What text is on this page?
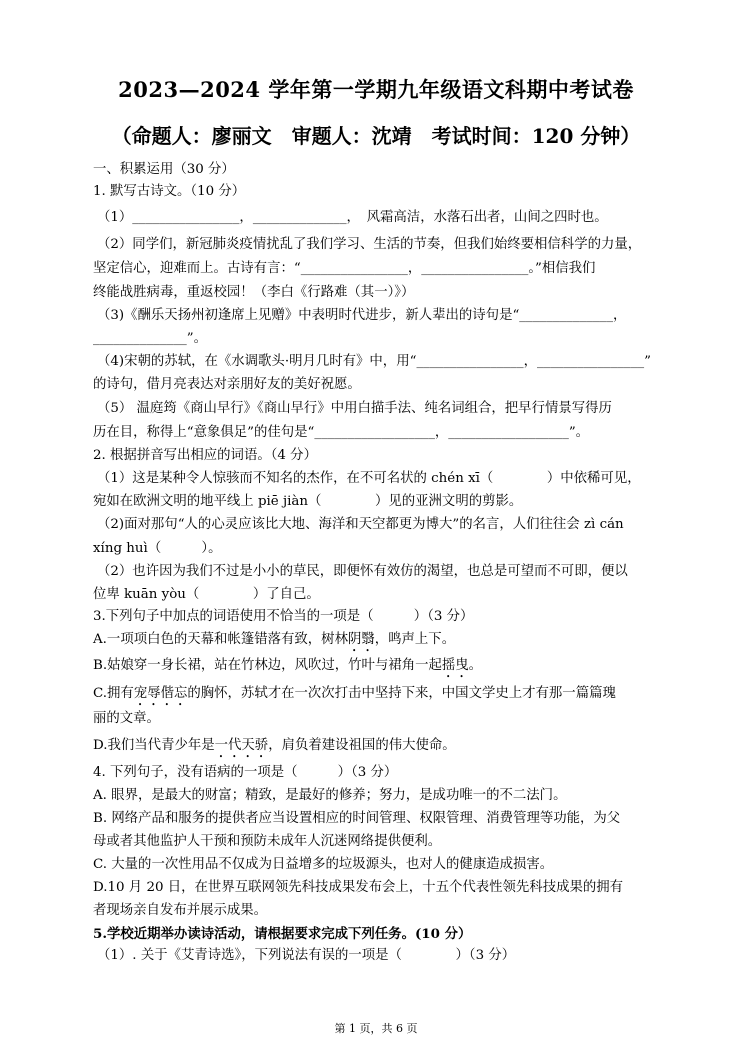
2023—2024 学年第一学期九年级语文科期中考试卷
（命题人：廖丽文　审题人：沈靖　考试时间：120 分钟）
一、积累运用（30 分）
1. 默写古诗文。（10 分）
（1）________________，______________，　风霜高洁，水落石出者，山间之四时也。
（2）同学们，新冠肺炎疫情扰乱了我们学习、生活的节奏，但我们始终要相信科学的力量，
坚定信心，迎难而上。古诗有言：“________________，________________。”相信我们
终能战胜病毒，重返校园！（李白《行路难（其一）》）
（3)《酬乐天扬州初逢席上见赠》中表明时代进步，新人辈出的诗句是“______________，
______________”。
（4)宋朝的苏轼，在《水调歌头·明月几时有》中，用“________________，________________”
的诗句，借月亮表达对亲朋好友的美好祝愿。
（5） 温庭筠《商山早行》《商山早行》中用白描手法、纯名词组合，把早行情景写得历
历在目，称得上“意象俱足”的佳句是“__________________，__________________”。
2. 根据拼音写出相应的词语。（4 分）
（1）这是某种令人惊骇而不知名的杰作，在不可名状的 chén xī（　　　　）中依稀可见，
宛如在欧洲文明的地平线上 piē jiàn（　　　　）见的亚洲文明的剪影。
（2)面对那句“人的心灵应该比大地、海洋和天空都更为博大”的名言，人们往往会 zì cán
xíng huì（　　　）。
（2）也许因为我们不过是小小的草民，即便怀有效仿的渴望，也总是可望而不可即，便以
位卑 kuān yòu（　　　　）了自己。
3.下列句子中加点的词语使用不恰当的一项是（　　　）（3 分）
A.一项项白色的天幕和帐篷错落有致，树林阴翳，鸣声上下。
B.姑娘穿一身长裙，站在竹林边，风吹过，竹叶与裙角一起摇曳。
C.拥有宠辱偕忘的胸怀，苏轼才在一次次打击中坚持下来，中国文学史上才有那一篇篇瑰
丽的文章。
D.我们当代青少年是一代天骄，肩负着建设祖国的伟大使命。
4. 下列句子，没有语病的一项是（　　　）（3 分）
A. 眼界，是最大的财富；精致，是最好的修养；努力，是成功唯一的不二法门。
B. 网络产品和服务的提供者应当设置相应的时间管理、权限管理、消费管理等功能，为父
母或者其他监护人干预和预防未成年人沉迷网络提供便利。
C. 大量的一次性用品不仅成为日益增多的垃圾源头，也对人的健康造成损害。
D.10 月 20 日，在世界互联网领先科技成果发布会上，十五个代表性领先科技成果的拥有
者现场亲自发布并展示成果。
5.学校近期举办读诗活动，请根据要求完成下列任务。(10 分）
（1）. 关于《艾青诗选》，下列说法有误的一项是（　　　　）（3 分）
第 1 页，共 6 页
